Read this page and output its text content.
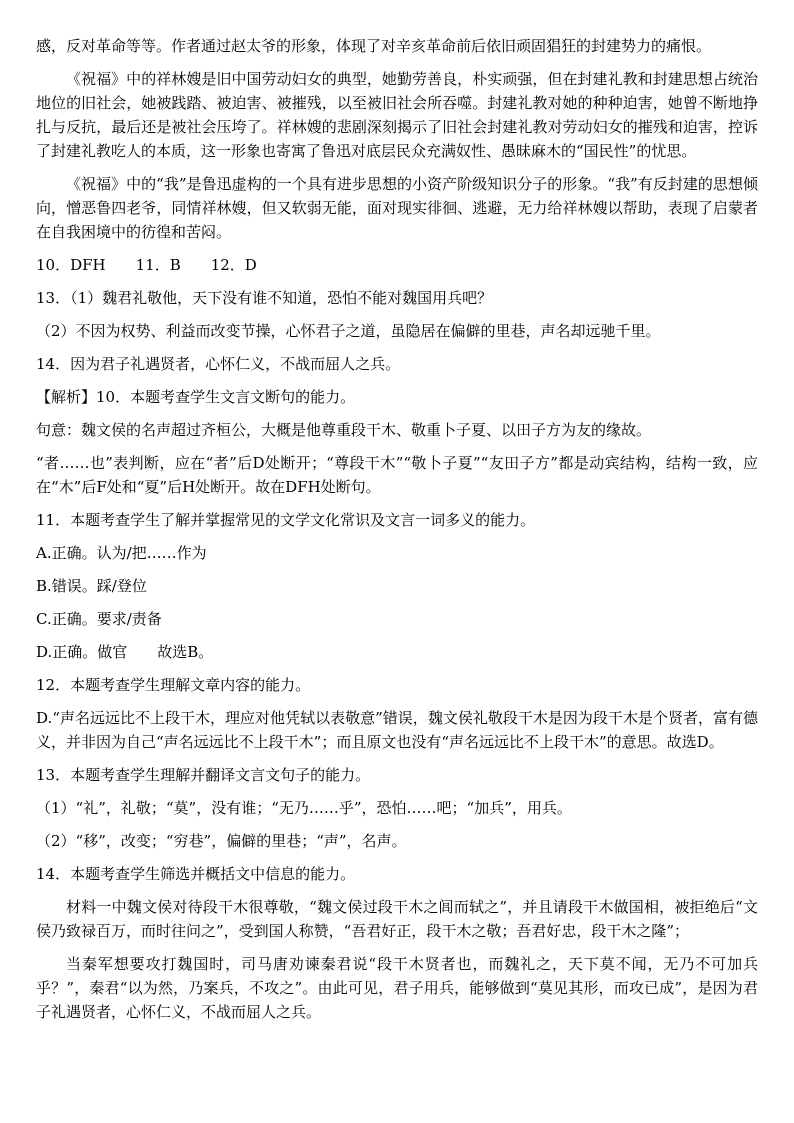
感，反对革命等等。作者通过赵太爷的形象，体现了对辛亥革命前后依旧顽固猖狂的封建势力的痛恨。

《祝福》中的祥林嫂是旧中国劳动妇女的典型，她勤劳善良，朴实顽强，但在封建礼教和封建思想占统治地位的旧社会，她被践踏、被迫害、被摧残，以至被旧社会所吞噬。封建礼教对她的种种迫害，她曾不断地挣扎与反抗，最后还是被社会压垮了。祥林嫂的悲剧深刻揭示了旧社会封建礼教对劳动妇女的摧残和迫害，控诉了封建礼教吃人的本质，这一形象也寄寓了鲁迅对底层民众充满奴性、愚昧麻木的“国民性”的忧思。

《祝福》中的“我”是鲁迅虚构的一个具有进步思想的小资产阶级知识分子的形象。“我”有反封建的思想倾向，憎恶鲁四老爷，同情祥林嫂，但又软弱无能，面对现实徘徊、逃避，无力给祥林嫂以帮助，表现了启蒙者在自我困境中的彷徨和苦闷。

10．DFH　　11．B　　12．D

13．（1）魏君礼敬他，天下没有谁不知道，恐怕不能对魏国用兵吧？

（2）不因为权势、利益而改变节操，心怀君子之道，虽隐居在偏僻的里巷，声名却远驰千里。

14．因为君子礼遇贤者，心怀仁义，不战而屈人之兵。

【解析】10．本题考查学生文言文断句的能力。

句意：魏文侯的名声超过齐桓公，大概是他尊重段干木、敬重卜子夏、以田子方为友的缘故。

“者……也”表判断，应在“者”后D处断开；“尊段干木”“敬卜子夏”“友田子方”都是动宾结构，结构一致，应在“木”后F处和“夏”后H处断开。故在DFH处断句。

11．本题考查学生了解并掌握常见的文学文化常识及文言一词多义的能力。

A.正确。认为/把……作为

B.错误。踩/登位

C.正确。要求/责备

D.正确。做官　　故选B。

12．本题考查学生理解文章内容的能力。

D.“声名远远比不上段干木，理应对他凭轼以表敬意”错误，魏文侯礼敬段干木是因为段干木是个贤者，富有德义，并非因为自己“声名远远比不上段干木”；而且原文也没有“声名远远比不上段干木”的意思。故选D。

13．本题考查学生理解并翻译文言文句子的能力。

（1）“礼”，礼敬；“莫”，没有谁；“无乃……乎”，恐怕……吧；“加兵”，用兵。

（2）“移”，改变；“穷巷”，偏僻的里巷；“声”，名声。

14．本题考查学生筛选并概括文中信息的能力。

材料一中魏文侯对待段干木很尊敬，“魏文侯过段干木之闾而轼之”，并且请段干木做国相，被拒绝后“文侯乃致禄百万，而时往问之”，受到国人称赞，“吾君好正，段干木之敬；吾君好忠，段干木之隆”；

当秦军想要攻打魏国时，司马唐劝谏秦君说“段干木贤者也，而魏礼之，天下莫不闻，无乃不可加兵乎？”，秦君“以为然，乃案兵，不攻之”。由此可见，君子用兵，能够做到“莫见其形，而攻已成”，是因为君子礼遇贤者，心怀仁义，不战而屈人之兵。
